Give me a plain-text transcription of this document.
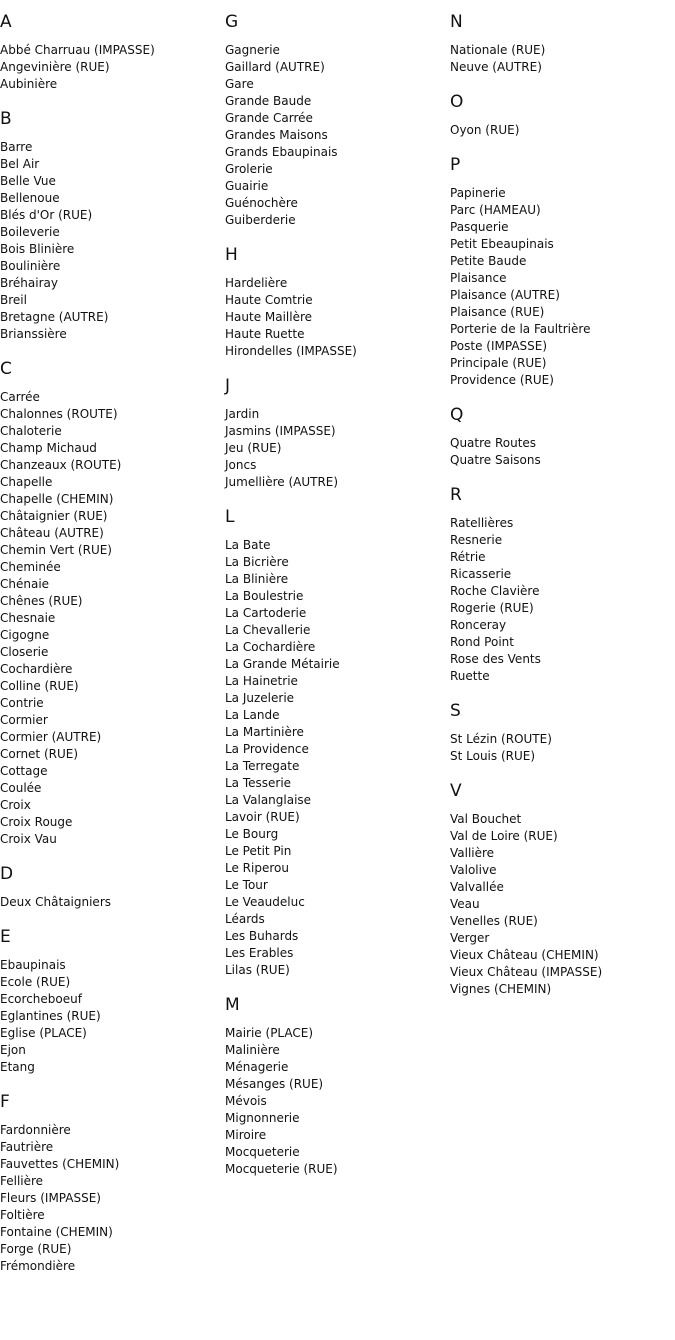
A
Abbé Charruau (IMPASSE)
Angevinière (RUE)
Aubinière
B
Barre
Bel Air
Belle Vue
Bellenoue
Blés d'Or (RUE)
Boileverie
Bois Blinière
Boulinière
Bréhairay
Breil
Bretagne (AUTRE)
Brianssière
C
Carrée
Chalonnes (ROUTE)
Chaloterie
Champ Michaud
Chanzeaux (ROUTE)
Chapelle
Chapelle (CHEMIN)
Châtaignier (RUE)
Château (AUTRE)
Chemin Vert (RUE)
Cheminée
Chénaie
Chênes (RUE)
Chesnaie
Cigogne
Closerie
Cochardière
Colline (RUE)
Contrie
Cormier
Cormier (AUTRE)
Cornet (RUE)
Cottage
Coulée
Croix
Croix Rouge
Croix Vau
D
Deux Châtaigniers
E
Ebaupinais
Ecole (RUE)
Ecorcheboeuf
Eglantines (RUE)
Eglise (PLACE)
Ejon
Etang
F
Fardonnière
Fautrière
Fauvettes (CHEMIN)
Fellière
Fleurs (IMPASSE)
Foltière
Fontaine (CHEMIN)
Forge (RUE)
Frémondière
G
Gagnerie
Gaillard (AUTRE)
Gare
Grande Baude
Grande Carrée
Grandes Maisons
Grands Ebaupinais
Grolerie
Guairie
Guénochère
Guiberderie
H
Hardelière
Haute Comtrie
Haute Maillère
Haute Ruette
Hirondelles (IMPASSE)
J
Jardin
Jasmins (IMPASSE)
Jeu (RUE)
Joncs
Jumellière (AUTRE)
L
La Bate
La Bicrière
La Blinière
La Boulestrie
La Cartoderie
La Chevallerie
La Cochardière
La Grande Métairie
La Hainetrie
La Juzelerie
La Lande
La Martinière
La Providence
La Terregate
La Tesserie
La Valanglaise
Lavoir (RUE)
Le Bourg
Le Petit Pin
Le Riperou
Le Tour
Le Veaudeluc
Léards
Les Buhards
Les Erables
Lilas (RUE)
M
Mairie (PLACE)
Malinière
Ménagerie
Mésanges (RUE)
Mévois
Mignonnerie
Miroire
Mocqueterie
Mocqueterie (RUE)
N
Nationale (RUE)
Neuve (AUTRE)
O
Oyon (RUE)
P
Papinerie
Parc (HAMEAU)
Pasquerie
Petit Ebeaupinais
Petite Baude
Plaisance
Plaisance (AUTRE)
Plaisance (RUE)
Porterie de la Faultrière
Poste (IMPASSE)
Principale (RUE)
Providence (RUE)
Q
Quatre Routes
Quatre Saisons
R
Ratellières
Resnerie
Rétrie
Ricasserie
Roche Clavière
Rogerie (RUE)
Ronceray
Rond Point
Rose des Vents
Ruette
S
St Lézin (ROUTE)
St Louis (RUE)
V
Val Bouchet
Val de Loire (RUE)
Vallière
Valolive
Valvallée
Veau
Venelles (RUE)
Verger
Vieux Château (CHEMIN)
Vieux Château (IMPASSE)
Vignes (CHEMIN)
